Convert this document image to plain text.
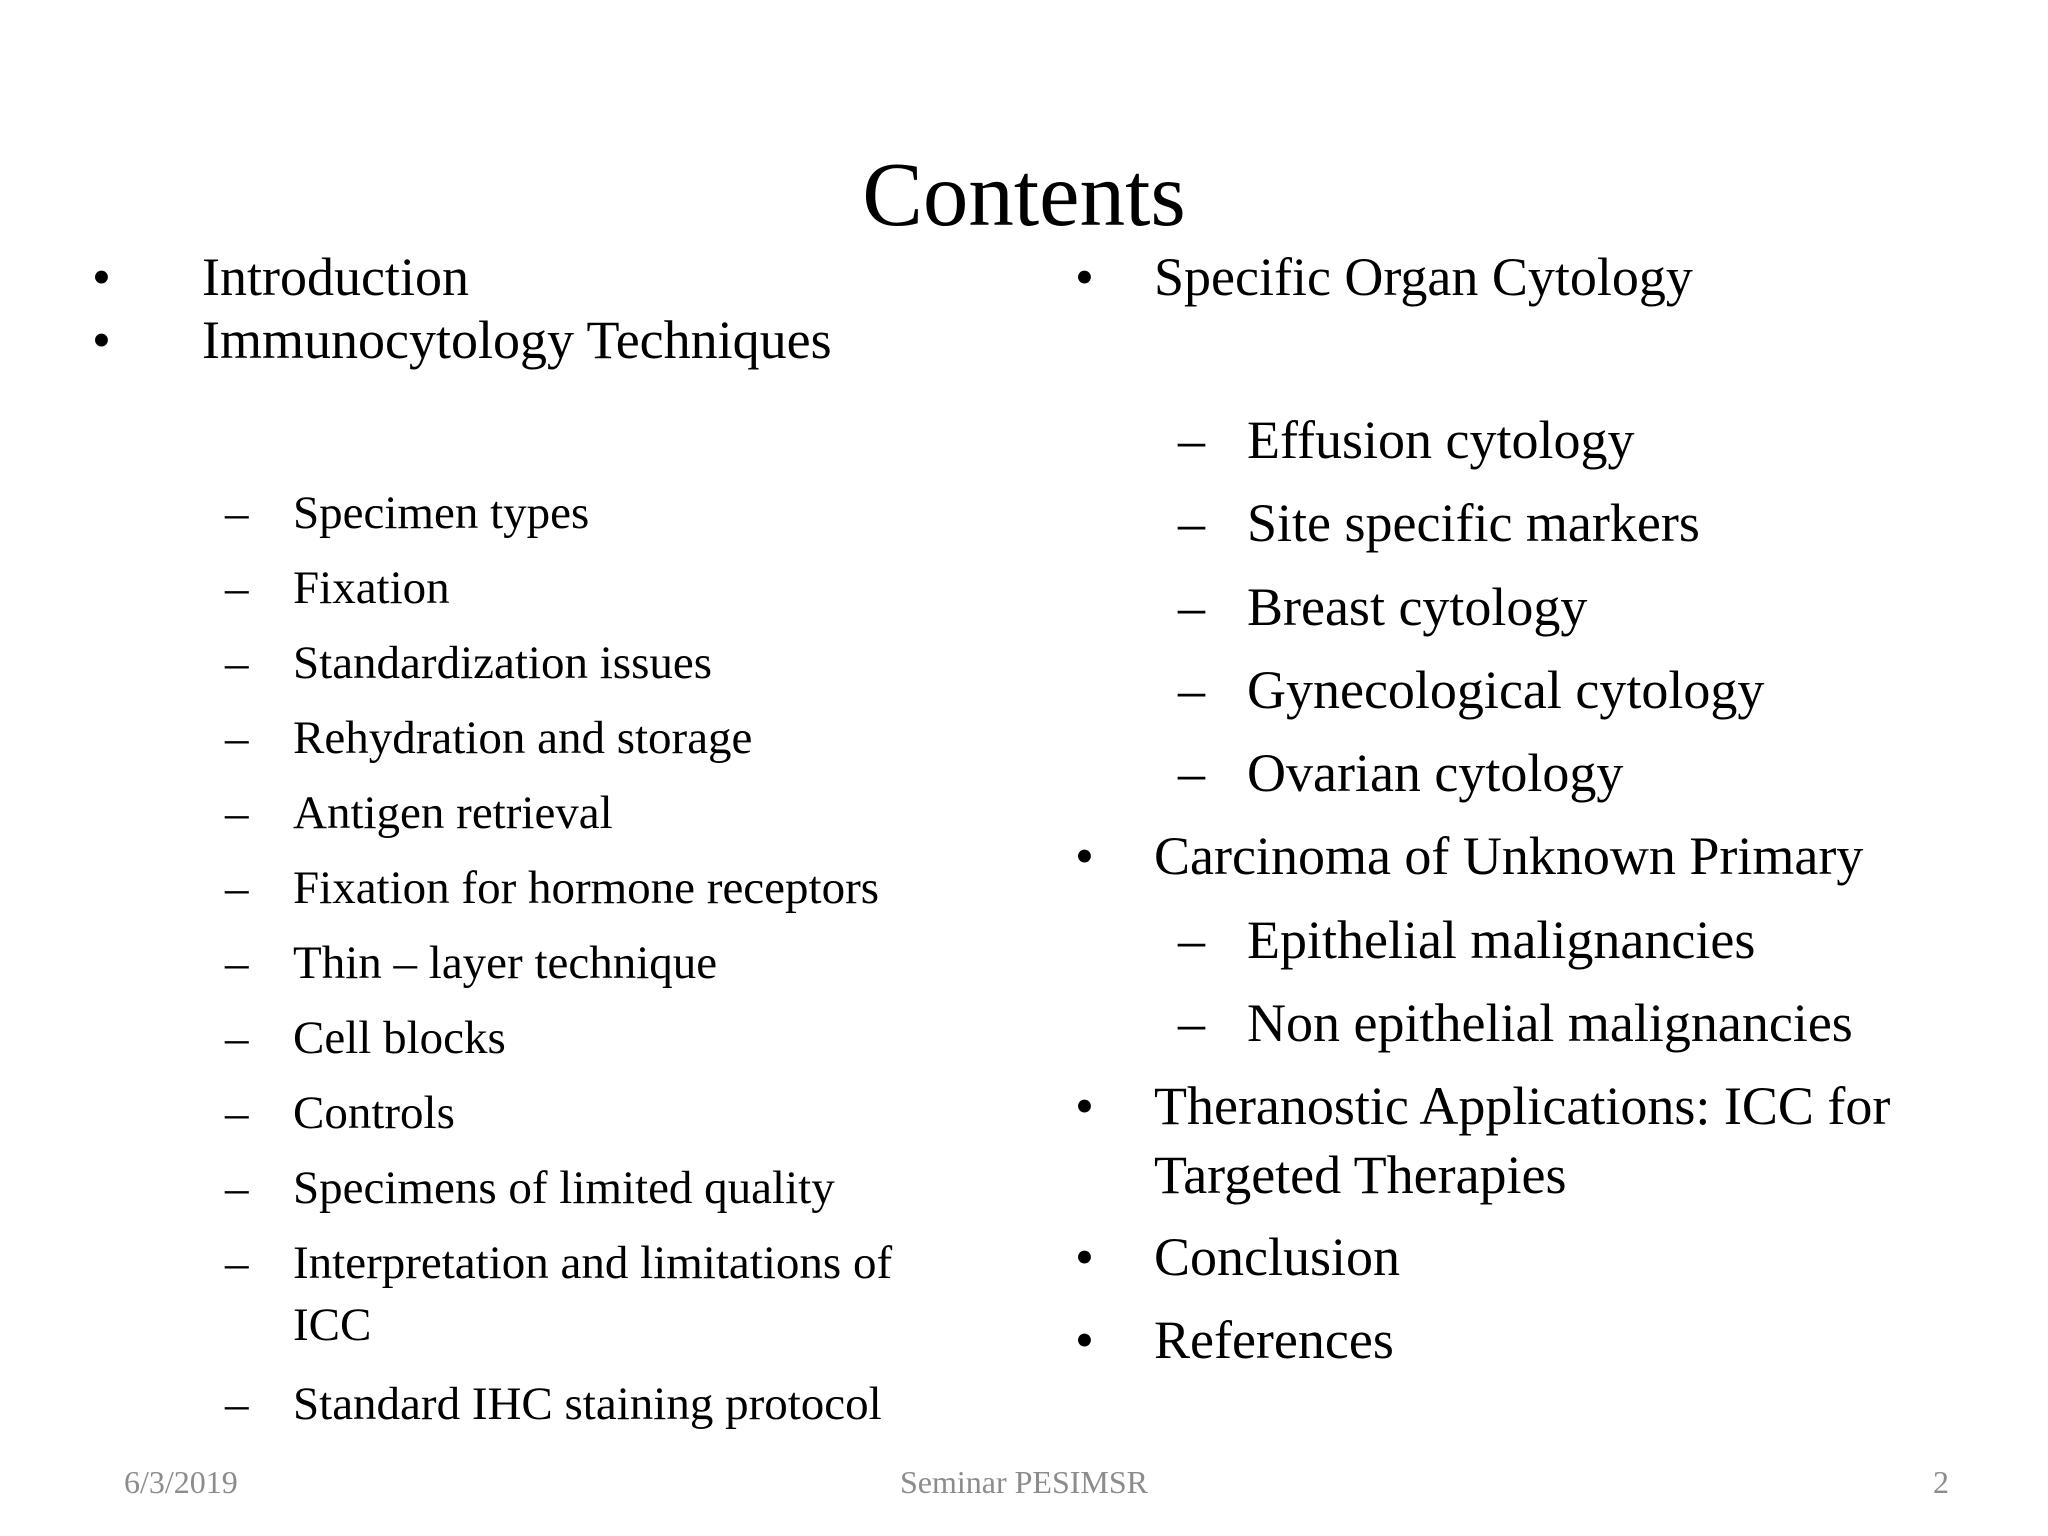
Contents
• Introduction
• Immunocytology Techniques
– Specimen types
– Fixation
– Standardization issues
– Rehydration and storage
– Antigen retrieval
– Fixation for hormone receptors
– Thin – layer technique
– Cell blocks
– Controls
– Specimens of limited quality
– Interpretation and limitations of
ICC
– Standard IHC staining protocol
• Specific Organ Cytology
– Effusion cytology
– Site specific markers
– Breast cytology
– Gynecological cytology
– Ovarian cytology
• Carcinoma of Unknown Primary
– Epithelial malignancies
– Non epithelial malignancies
• Theranostic Applications: ICC for
Targeted Therapies
• Conclusion
• References
6/3/2019	Seminar PESIMSR	2
